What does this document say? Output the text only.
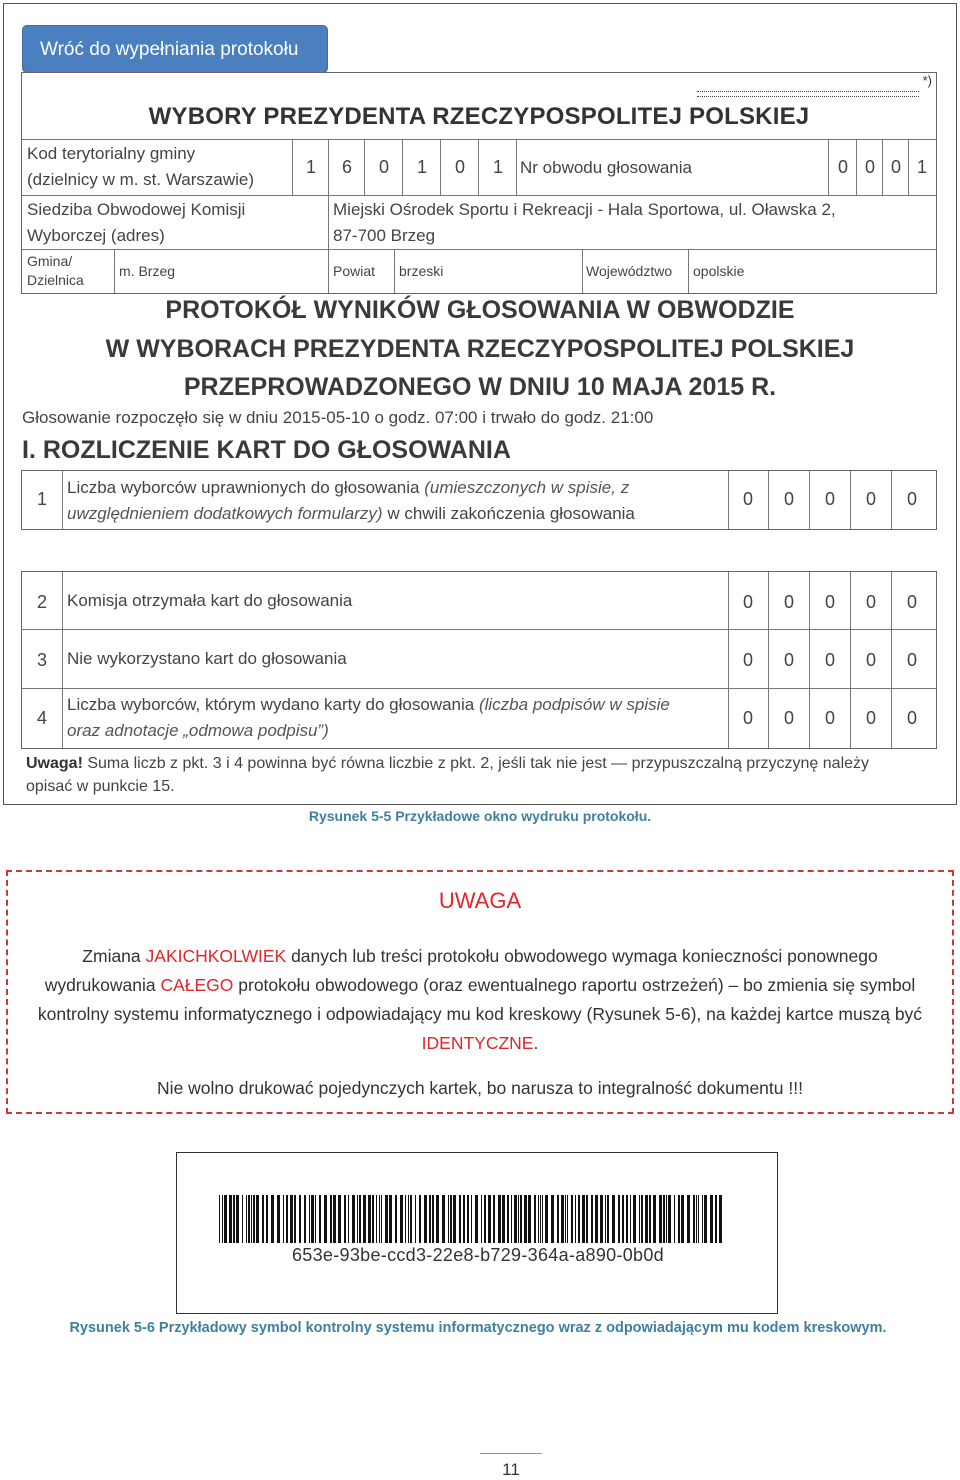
Wróć do wypełniania protokołu
*)
WYBORY PREZYDENTA RZECZYPOSPOLITEJ POLSKIEJ
Kod terytorialny gminy
(dzielnicy w m. st. Warszawie)
1	6	0	1	0	1	Nr obwodu głosowania	0 0 0 1
Siedziba Obwodowej Komisji
Wyborczej (adres)
Miejski Ośrodek Sportu i Rekreacji - Hala Sportowa, ul. Oławska 2,
87-700 Brzeg
Gmina/
Dzielnica
m. Brzeg	Powiat brzeski	Województwo opolskie
PROTOKÓŁ WYNIKÓW GŁOSOWANIA W OBWODZIE
W WYBORACH PREZYDENTA RZECZYPOSPOLITEJ POLSKIEJ
PRZEPROWADZONEGO W DNIU 10 MAJA 2015 R.
Głosowanie rozpoczęło się w dniu 2015-05-10 o godz. 07:00 i trwało do godz. 21:00
I. ROZLICZENIE KART DO GŁOSOWANIA
1
Liczba wyborców uprawnionych do głosowania (umieszczonych w spisie, z
uwzględnieniem dodatkowych formularzy) w chwili zakończenia głosowania
0	0	0	0	0
2	Komisja otrzymała kart do głosowania	0	0	0	0	0
3	Nie wykorzystano kart do głosowania	0	0	0	0	0
4
Liczba wyborców, którym wydano karty do głosowania (liczba podpisów w spisie
oraz adnotacje „odmowa podpisu”)
0	0	0	0	0
Uwaga! Suma liczb z pkt. 3 i 4 powinna być równa liczbie z pkt. 2, jeśli tak nie jest — przypuszczalną przyczynę należy
opisać w punkcie 15.
Rysunek 5-5 Przykładowe okno wydruku protokołu.
UWAGA
Zmiana JAKICHKOLWIEK danych lub treści protokołu obwodowego wymaga konieczności ponownego wydrukowania CAŁEGO protokołu obwodowego (oraz ewentualnego raportu ostrzeżeń) – bo zmienia się symbol kontrolny systemu informatycznego i odpowiadający mu kod kreskowy (Rysunek 5-6), na każdej kartce muszą być IDENTYCZNE.
Nie wolno drukować pojedynczych kartek, bo narusza to integralność dokumentu !!!
653e-93be-ccd3-22e8-b729-364a-a890-0b0d
Rysunek 5-6 Przykładowy symbol kontrolny systemu informatycznego wraz z odpowiadającym mu kodem kreskowym.
11
